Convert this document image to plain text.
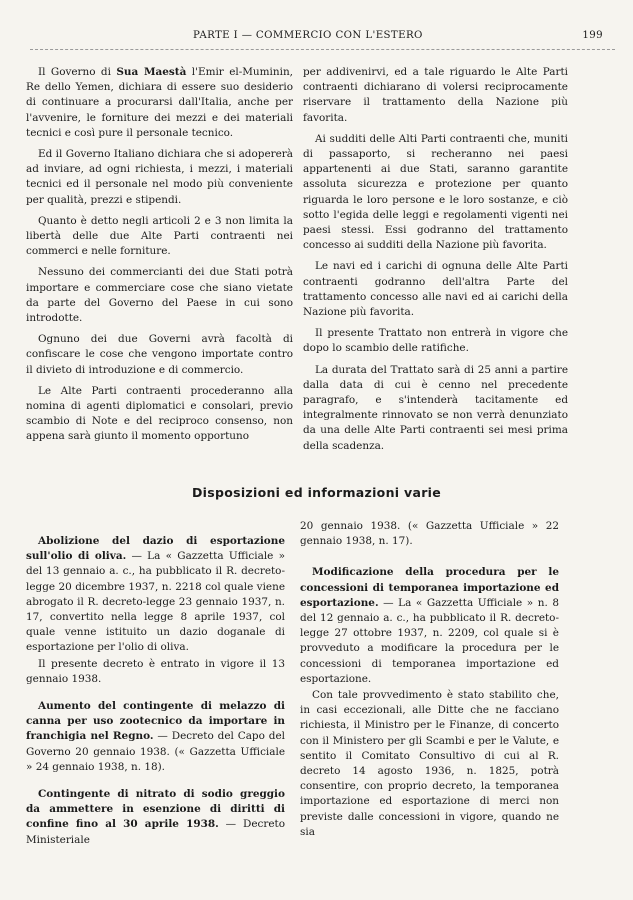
PARTE I — COMMERCIO CON L'ESTERO	199

Il Governo di Sua Maestà l'Emir el-Muminin, Re dello Yemen, dichiara di essere suo desiderio di continuare a procurarsi dall'Italia, anche per l'avvenire, le forniture dei mezzi e dei materiali tecnici e così pure il personale tecnico.

Ed il Governo Italiano dichiara che si adopererà ad inviare, ad ogni richiesta, i mezzi, i materiali tecnici ed il personale nel modo più conveniente per qualità, prezzi e stipendi.

Quanto è detto negli articoli 2 e 3 non limita la libertà delle due Alte Parti contraenti nei commerci e nelle forniture.

Nessuno dei commercianti dei due Stati potrà importare e commerciare cose che siano vietate da parte del Governo del Paese in cui sono introdotte.

Ognuno dei due Governi avrà facoltà di confiscare le cose che vengono importate contro il divieto di introduzione e di commercio.

Le Alte Parti contraenti procederanno alla nomina di agenti diplomatici e consolari, previo scambio di Note e del reciproco consenso, non appena sarà giunto il momento opportuno

per addivenirvi, ed a tale riguardo le Alte Parti contraenti dichiarano di volersi reciprocamente riservare il trattamento della Nazione più favorita.

Ai sudditi delle Alti Parti contraenti che, muniti di passaporto, si recheranno nei paesi appartenenti ai due Stati, saranno garantite assoluta sicurezza e protezione per quanto riguarda le loro persone e le loro sostanze, e ciò sotto l'egida delle leggi e regolamenti vigenti nei paesi stessi. Essi godranno del trattamento concesso ai sudditi della Nazione più favorita.

Le navi ed i carichi di ognuna delle Alte Parti contraenti godranno dell'altra Parte del trattamento concesso alle navi ed ai carichi della Nazione più favorita.

Il presente Trattato non entrerà in vigore che dopo lo scambio delle ratifiche.

La durata del Trattato sarà di 25 anni a partire dalla data di cui è cenno nel precedente paragrafo, e s'intenderà tacitamente ed integralmente rinnovato se non verrà denunziato da una delle Alte Parti contraenti sei mesi prima della scadenza.

Disposizioni ed informazioni varie

Abolizione del dazio di esportazione sull'olio di oliva. — La « Gazzetta Ufficiale » del 13 gennaio a. c., ha pubblicato il R. decreto-legge 20 dicembre 1937, n. 2218 col quale viene abrogato il R. decreto-legge 23 gennaio 1937, n. 17, convertito nella legge 8 aprile 1937, col quale venne istituito un dazio doganale di esportazione per l'olio di oliva.

Il presente decreto è entrato in vigore il 13 gennaio 1938.

Aumento del contingente di melazzo di canna per uso zootecnico da importare in franchigia nel Regno. — Decreto del Capo del Governo 20 gennaio 1938. (« Gazzetta Ufficiale » 24 gennaio 1938, n. 18).

Contingente di nitrato di sodio greggio da ammettere in esenzione di diritti di confine fino al 30 aprile 1938. — Decreto Ministeriale

20 gennaio 1938. (« Gazzetta Ufficiale » 22 gennaio 1938, n. 17).

Modificazione della procedura per le concessioni di temporanea importazione ed esportazione. — La « Gazzetta Ufficiale » n. 8 del 12 gennaio a. c., ha pubblicato il R. decreto-legge 27 ottobre 1937, n. 2209, col quale si è provveduto a modificare la procedura per le concessioni di temporanea importazione ed esportazione.

Con tale provvedimento è stato stabilito che, in casi eccezionali, alle Ditte che ne facciano richiesta, il Ministro per le Finanze, di concerto con il Ministero per gli Scambi e per le Valute, e sentito il Comitato Consultivo di cui al R. decreto 14 agosto 1936, n. 1825, potrà consentire, con proprio decreto, la temporanea importazione ed esportazione di merci non previste dalle concessioni in vigore, quando ne sia
